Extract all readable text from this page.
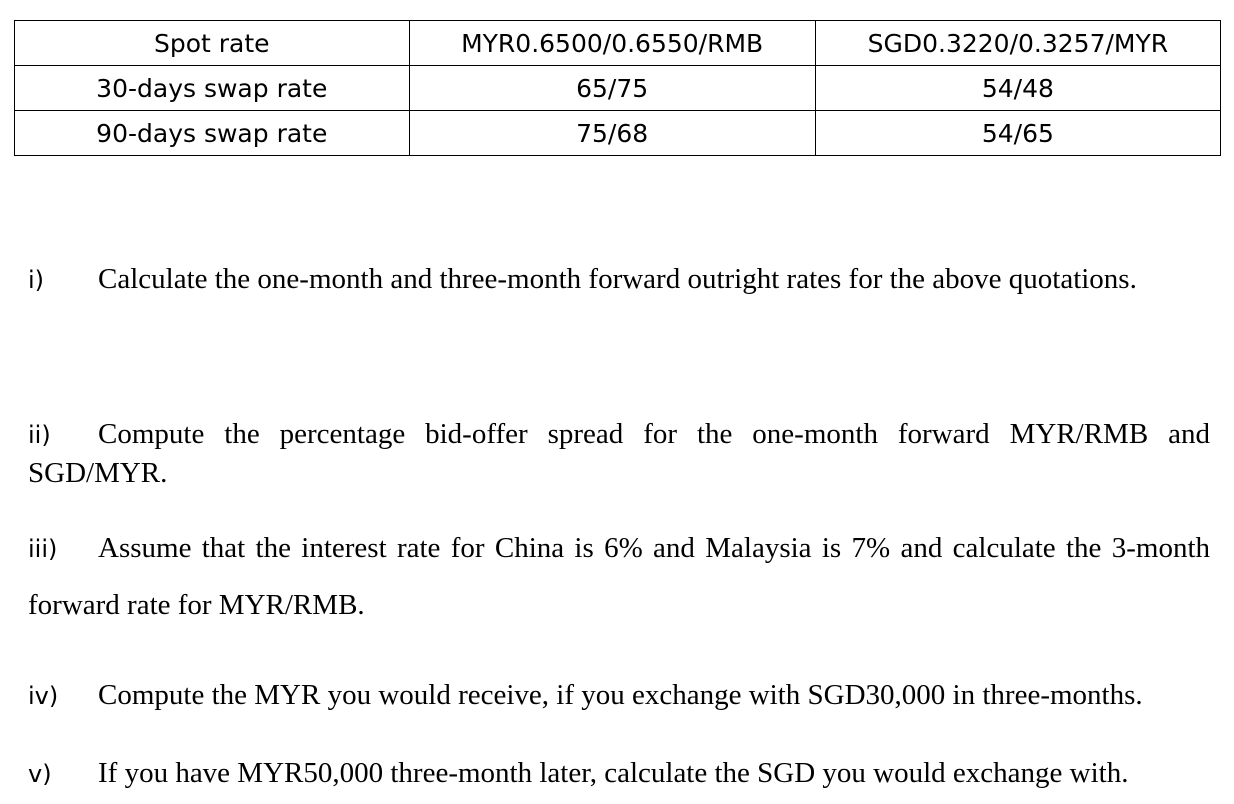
Spot rate	MYR0.6500/0.6550/RMB	SGD0.3220/0.3257/MYR
30-days swap rate	65/75	54/48
90-days swap rate	75/68	54/65
i) Calculate the one-month and three-month forward outright rates for the above quotations.
ii) Compute the percentage bid-offer spread for the one-month forward MYR/RMB and SGD/MYR.
iii) Assume that the interest rate for China is 6% and Malaysia is 7% and calculate the 3-month forward rate for MYR/RMB.
iv) Compute the MYR you would receive, if you exchange with SGD30,000 in three-months.
v) If you have MYR50,000 three-month later, calculate the SGD you would exchange with.
